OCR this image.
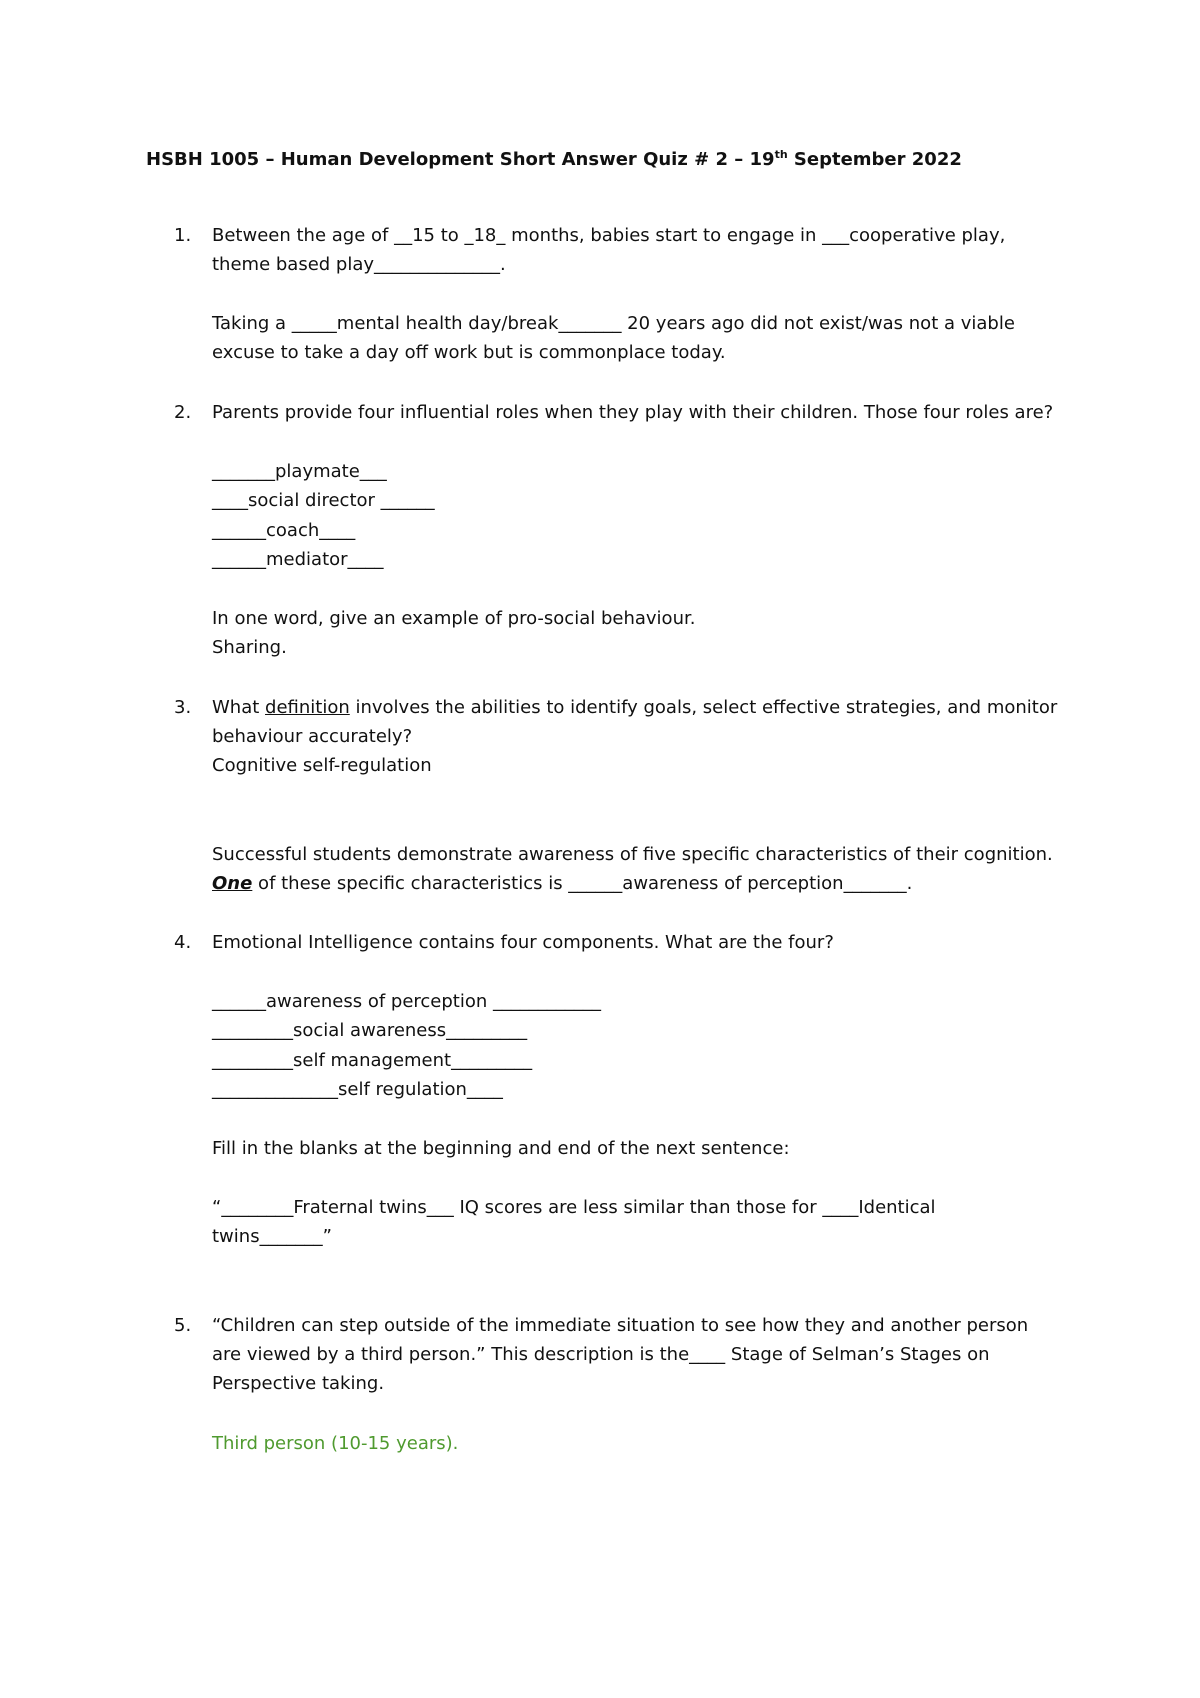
HSBH 1005 – Human Development Short Answer Quiz # 2 – 19th September 2022
1. Between the age of __15 to _18_ months, babies start to engage in ___cooperative play,
theme based play______________.
Taking a _____mental health day/break_______ 20 years ago did not exist/was not a viable
excuse to take a day off work but is commonplace today.
2. Parents provide four influential roles when they play with their children. Those four roles are?
_______playmate___
____social director ______
______coach____
______mediator____
In one word, give an example of pro-social behaviour.
Sharing.
3. What definition involves the abilities to identify goals, select effective strategies, and monitor
behaviour accurately?
Cognitive self-regulation
Successful students demonstrate awareness of five specific characteristics of their cognition.
One of these specific characteristics is ______awareness of perception_______.
4. Emotional Intelligence contains four components. What are the four?
______awareness of perception ____________
_________social awareness_________
_________self management_________
______________self regulation____
Fill in the blanks at the beginning and end of the next sentence:
“________Fraternal twins___ IQ scores are less similar than those for ____Identical
twins_______”
5. “Children can step outside of the immediate situation to see how they and another person
are viewed by a third person.” This description is the____ Stage of Selman’s Stages on
Perspective taking.
Third person (10-15 years).
